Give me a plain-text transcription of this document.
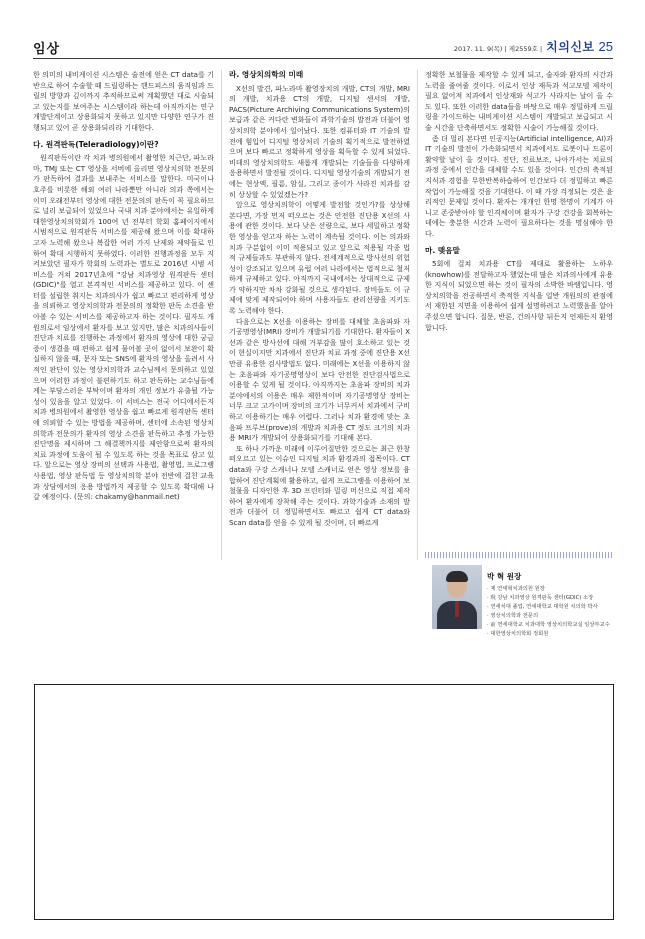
임상	2017. 11. 9(목) | 제2559호 | 치의신보 25

한 의미의 내비게이션 시스템은 술전에 얻은 CT data를 기반으로 하여 수술할 때 드릴링하는 핸드피스의 움직임과 드릴의 방향과 깊이까지 추적하므로써 계획했던 대로 시술되고 있는지를 보여주는 시스템이라 하는데 아직까지는 연구개발단계이고 상용화되지 못하고 있지만 다양한 연구가 진행되고 있어 곧 상용화되리라 기대한다.

다. 원격판독(Teleradiology)이란?

원격판독이란 각 치과 병의원에서 촬영한 치근단, 파노라마, TMJ 또는 CT 영상을 서버에 올리면 영상치의학 전문의가 판독하여 결과를 보내주는 서비스를 말한다. 미국이나 호주를 비롯한 해외 여러 나라뿐만 아니라 의과 쪽에서는 이미 오래전부터 영상에 대한 전문의의 판독이 꼭 필요하므로 널리 보급되어 있었으나 국내 치과 분야에서는 유일하게 대한영상치의학회가 100여 년 전부터 학회 홈페이지에서 시범적으로 원격판독 서비스를 제공해 왔으며 이를 확대하고자 노력해 왔으나 복잡한 여러 가지 난제와 제약들로 인하여 확대 시행하지 못하였다. 이러한 진행과정을 모두 지켜보았던 필자가 학회의 노력과는 별도로 2016년 시범 서비스를 거쳐 2017년초에 "강남 치과영상 원격판독 센터(GDIC)"를 열고 본격적인 서비스를 제공하고 있다. 이 센터를 설립한 취지는 치과의사가 쉽고 빠르고 편리하게 영상을 의뢰하고 영상치의학과 전문의의 정확한 판독 소견을 받아볼 수 있는 서비스를 제공하고자 하는 것이다. 필자도 개원의로서 임상에서 환자를 보고 있지만, 많은 치과의사들이 진단과 치료를 진행하는 과정에서 환자의 영상에 대한 궁금증이 생겼을 때 편하고 쉽게 물어볼 곳이 없어서 보완이 확실하지 않을 때, 문자 또는 SNS에 환자의 영상을 올려서 사적인 판단이 있는 영상치의학과 교수님께서 문의하고 있었으며 이러한 과정이 불편하기도 하고 판독하는 교수님들에게는 부담스러운 부탁이며 환자의 개인 정보가 유출될 가능성이 있음을 알고 있었다. 이 서비스는 전국 어디에서든지 치과 병의원에서 촬영한 영상을 쉽고 빠르게 원격판독 센터에 의뢰할 수 있는 방법을 제공하며, 센터에 소속된 영상치의학과 전문의가 환자의 영상 소견을 판독하고 추정 가능한 진단명을 제시하며 그 해결책까지를 제안함으로써 환자의 치료 과정에 도움이 될 수 있도록 하는 것을 목표로 삼고 있다. 앞으로는 영상 장비의 선택과 사용법, 촬영법, 프로그램 사용법, 영상 판독법 등 영상치의학 분야 전반에 걸친 교육과 상담에서의 응용 방법까지 제공할 수 있도록 확대해 나갈 예정이다. (문의: chakamy@hanmail.net)

라. 영상치의학의 미래

X선의 발견, 파노라마 촬영장치의 개발, CT의 개발, MRI의 개발, 치과용 CT의 개발, 디지털 센서의 개발, PACS(Picture Archiving Communications System)의 보급과 같은 커다란 변화들이 과학기술의 발전과 더불어 영상치의학 분야에서 일어났다. 또한 컴퓨터와 IT 기술의 발전에 힘입어 디지털 영상처리 기술의 획기적으로 발전하였으며 보다 빠르고 정확하게 영상을 획득할 수 있게 되었다. 비데의 영상치의학도 새롭게 개발되는 기술들을 다양하게 응용하면서 발전될 것이다. 디지털 영상기술의 개발되기 전에는 현상액, 필름, 암실, 그리고 종이가 사라진 치과를 감히 상상할 수 있었겠는가?

앞으로 영상치의학이 어떻게 발전할 것인가?를 상상해 본다면, 가장 먼저 떠오르는 것은 안전한 진단용 X선의 사용에 관한 것이다. 보다 낮은 선량으로, 보다 세밀하고 정확한 영상을 얻고자 하는 노력이 계속될 것이다. 이는 의과와 치과 구분없이 이미 적용되고 있고 앞으로 적용될 각종 법적 규제들과도 부관하지 않다. 전세계적으로 방사선의 위험성이 강조되고 있으며 유럽 여러 나라에서는 법적으로 철저하게 규제하고 있다. 아직까지 국내에서는 상대적으로 규제가 약하지만 차차 강화될 것으로 생각된다. 장비들도 이 규제에 맞게 제작되어야 하며 사용자들도 관리선량을 지키도록 노력해야 한다.

다음으로는 X선을 이용하는 장비를 대체할 초음파와 자기공명영상(MRI) 장비가 개발되기를 기대한다. 환자들이 X선과 같은 방사선에 대해 거부감을 많이 호소하고 있는 것이 현실이지만 치과에서 진단과 치료 과정 중에 진단용 X선만큼 유용한 검사방법도 없다. 미래에는 X선을 이용하지 않는 초음파와 자기공명영상이 보다 안전한 진단검사법으로 이용할 수 있게 될 것이다. 아직까지는 초음파 장비의 치과 분야에서의 이용은 매우 제한적이며 자기공명영상 장비는 너무 크고 고가이며 장비의 크기가 너무커서 치과에서 구비하고 이용하기는 매우 어렵다. 그러나 치과 환경에 맞는 초음파 프루브(prove)의 개발과 치과용 CT 정도 크기의 치과용 MRI가 개발되어 상용화되기를 기대해 본다.

또 하나 가까운 미래에 이루어질만한 것으로는 최근 한창 떠오르고 있는 이슈인 디지털 치과 환경과의 접목이다. CT data와 구강 스캐너나 모델 스캐너로 얻은 영상 정보를 융합하여 진단계획에 활용하고, 쉽게 프로그램을 이용하여 보철물을 디자인한 후 3D 프린터와 밀링 머신으로 직접 제작하여 환자에게 장착해 주는 것이다. 과학기술과 소재의 발전과 더불어 더 정밀하면서도 빠르고 쉽게 CT data와 Scan data를 얻을 수 있게 될 것이며, 더 빠르게

정확한 보철물을 제작할 수 있게 되고, 술자와 환자의 시간과 노력을 줄여줄 것이다. 이로서 인상 재득과 석고모델 제작이 필요 없어져 치과에서 인상재와 석고가 사라지는 날이 올 수도 있다. 또한 이러한 data들을 바탕으로 매우 정밀하게 드릴링을 가이드하는 내비게이션 시스템이 개발되고 보급되고 시술 시간을 단축하면서도 정확한 시술이 가능해질 것이다.

좀 더 멀리 본다면 인공지능(Artificial intelligence, AI)과 IT 기술의 발전이 가속화되면서 치과에서도 로봇이나 드론이 활약할 날이 올 것이다. 진단, 진료보조, 나아가서는 치료의 과정 중에서 인간을 대체할 수도 있을 것이다. 인간의 축적된 지식과 경험을 무한반복하습하여 인간보다 더 정밀하고 빠른 작업이 가능해질 것을 기대한다. 이 때 가장 걱정되는 것은 윤리적인 문제일 것이다. 환자는 개개인 한명 한명이 기계가 아니고 존중받아야 할 인격체이며 환자가 구강 건강을 회복하는 데에는 충분한 시간과 노력이 필요하다는 것을 명심해야 한다.

마. 맺음말

5회에 걸쳐 치과용 CT를 제대로 활용하는 노하우(knowhow)를 전달하고자 했었는데 많은 치과의사에게 유용한 지식이 되었으면 하는 것이 필자의 소박한 바램입니다. 영상치의학을 전공하면서 축적한 지식을 일반 개원의의 관점에서 재한된 지면을 이용하여 쉽게 설명하려고 노력했음을 알아주셨으면 합니다. 질문, 반론, 건의사항 뒤든지 언제든지 환영합니다.

박 혁 원장
· 제 연세혁치과의원 원장
· 現 강남 치과영상 원격판독 센터(GDIC) 소장
· 연세치대 졸업, 연세대학교 대학원 치의학 박사
· 영상치의학과 전문의
· 前 연세대학교 치과대학 영상치의학교실 임상부교수
· 대한영상치의학회 정회원
